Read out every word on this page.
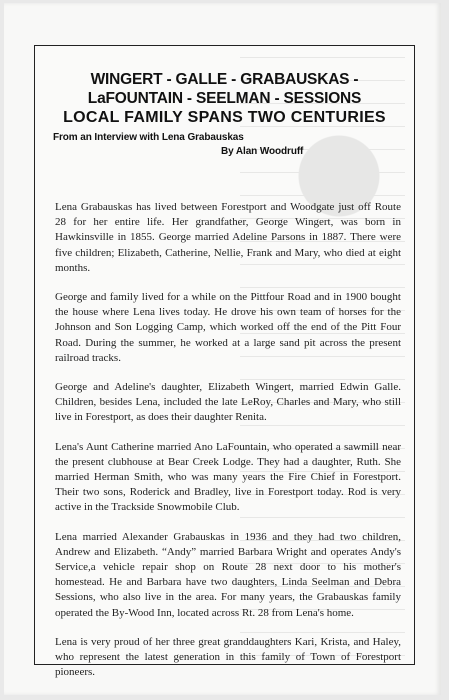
WINGERT - GALLE - GRABAUSKAS -
LaFOUNTAIN - SEELMAN - SESSIONS
LOCAL FAMILY SPANS TWO CENTURIES
From an Interview with Lena Grabauskas
By Alan Woodruff

Lena Grabauskas has lived between Forestport and Woodgate just off Route 28 for her entire life. Her grandfather, George Wingert, was born in Hawkinsville in 1855. George married Adeline Parsons in 1887. There were five children; Elizabeth, Catherine, Nellie, Frank and Mary, who died at eight months.

George and family lived for a while on the Pittfour Road and in 1900 bought the house where Lena lives today. He drove his own team of horses for the Johnson and Son Logging Camp, which worked off the end of the Pitt Four Road. During the summer, he worked at a large sand pit across the present railroad tracks.

George and Adeline's daughter, Elizabeth Wingert, married Edwin Galle. Children, besides Lena, included the late LeRoy, Charles and Mary, who still live in Forestport, as does their daughter Renita.

Lena's Aunt Catherine married Ano LaFountain, who operated a sawmill near the present clubhouse at Bear Creek Lodge. They had a daughter, Ruth. She married Herman Smith, who was many years the Fire Chief in Forestport. Their two sons, Roderick and Bradley, live in Forestport today. Rod is very active in the Trackside Snowmobile Club.

Lena married Alexander Grabauskas in 1936 and they had two children, Andrew and Elizabeth. “Andy” married Barbara Wright and operates Andy's Service,a vehicle repair shop on Route 28 next door to his mother's homestead. He and Barbara have two daughters, Linda Seelman and Debra Sessions, who also live in the area. For many years, the Grabauskas family operated the By-Wood Inn, located across Rt. 28 from Lena's home.

Lena is very proud of her three great granddaughters Kari, Krista, and Haley, who represent the latest generation in this family of Town of Forestport pioneers.
